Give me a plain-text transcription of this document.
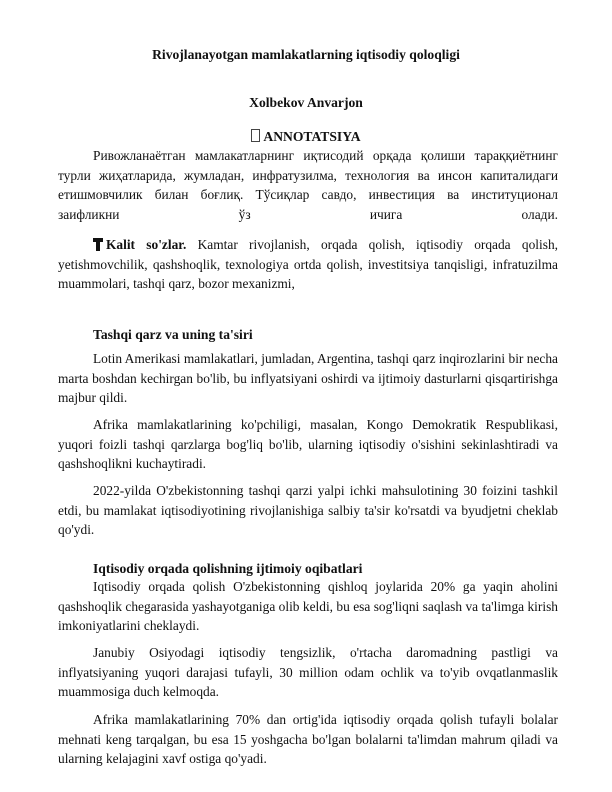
Rivojlanayotgan mamlakatlarning iqtisodiy qoloqligi
Xolbekov Anvarjon
ANNOTATSIYA
Ривожланаётган мамлакатларнинг иқтисодий орқада қолиши тараққиётнинг турли жиҳатларида, жумладан, инфратузилма, технология ва инсон капиталидаги етишмовчилик билан боғлиқ. Тўсиқлар савдо, инвестиция ва институционал зaифликни ўз ичига олади.
Kalit so'zlar. Kamtar rivojlanish, orqada qolish, iqtisodiy orqada qolish, yetishmovchilik, qashshoqlik, texnologiya ortda qolish, investitsiya tanqisligi, infratuzilma muammolari, tashqi qarz, bozor mexanizmi,
Tashqi qarz va uning ta'siri
Lotin Amerikasi mamlakatlari, jumladan, Argentina, tashqi qarz inqirozlarini bir necha marta boshdan kechirgan bo'lib, bu inflyatsiyani oshirdi va ijtimoiy dasturlarni qisqartirishga majbur qildi.
Afrika mamlakatlarining ko'pchiligi, masalan, Kongo Demokratik Respublikasi, yuqori foizli tashqi qarzlarga bog'liq bo'lib, ularning iqtisodiy o'sishini sekinlashtiradi va qashshoqlikni kuchaytiradi.
2022-yilda O'zbekistonning tashqi qarzi yalpi ichki mahsulotining 30 foizini tashkil etdi, bu mamlakat iqtisodiyotining rivojlanishiga salbiy ta'sir ko'rsatdi va byudjetni cheklab qo'ydi.
Iqtisodiy orqada qolishning ijtimoiy oqibatlari
Iqtisodiy orqada qolish O'zbekistonning qishloq joylarida 20% ga yaqin aholini qashshoqlik chegarasida yashayotganiga olib keldi, bu esa sog'liqni saqlash va ta'limga kirish imkoniyatlarini cheklaydi.
Janubiy Osiyodagi iqtisodiy tengsizlik, o'rtacha daromadning pastligi va inflyatsiyaning yuqori darajasi tufayli, 30 million odam ochlik va to'yib ovqatlanmaslik muammosiga duch kelmoqda.
Afrika mamlakatlarining 70% dan ortig'ida iqtisodiy orqada qolish tufayli bolalar mehnati keng tarqalgan, bu esa 15 yoshgacha bo'lgan bolalarni ta'limdan mahrum qiladi va ularning kelajagini xavf ostiga qo'yadi.
